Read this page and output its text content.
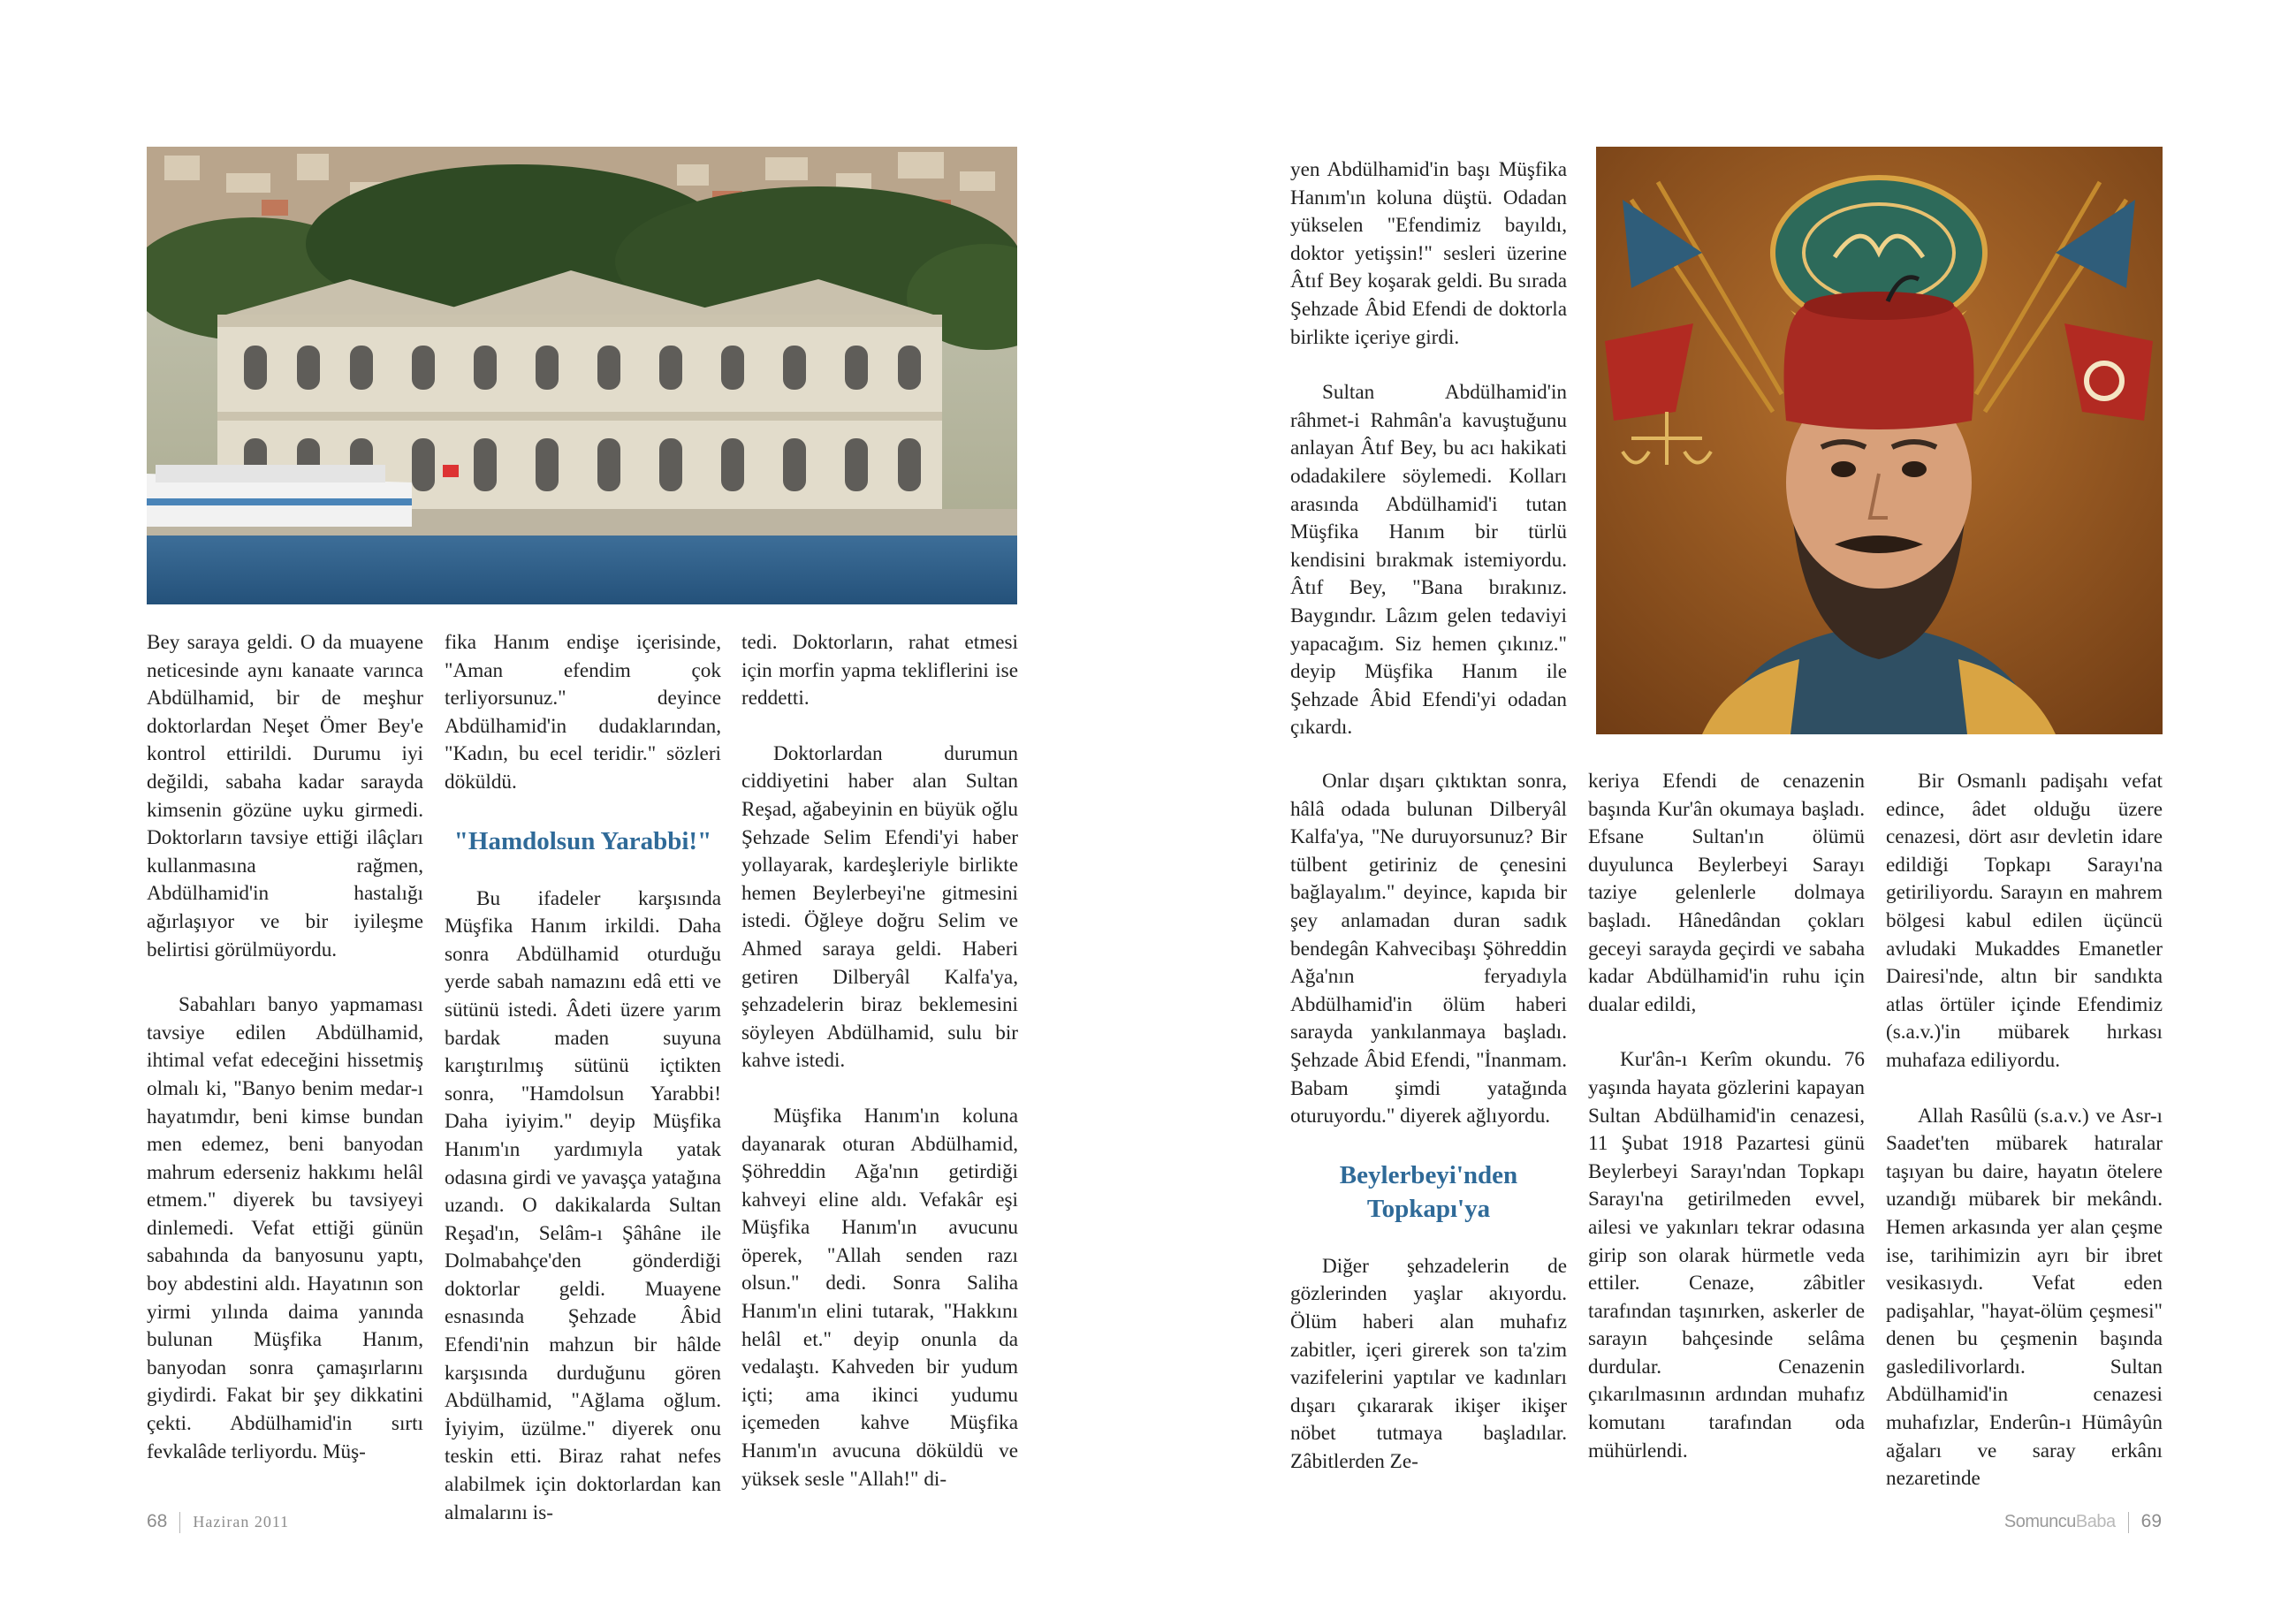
Bey saraya geldi. O da muayene neticesinde aynı kanaate varınca Abdülhamid, bir de meşhur doktorlardan Neşet Ömer Bey'e kontrol ettirildi. Durumu iyi değildi, sabaha kadar sarayda kimsenin gözüne uyku girmedi. Doktorların tavsiye ettiği ilâçları kullanmasına rağmen, Abdülhamid'in hastalığı ağırlaşıyor ve bir iyileşme belirtisi görülmüyordu.

Sabahları banyo yapmaması tavsiye edilen Abdülhamid, ihtimal vefat edeceğini hissetmiş olmalı ki, "Banyo benim medar-ı hayatımdır, beni kimse bundan men edemez, beni banyodan mahrum ederseniz hakkımı helâl etmem." diyerek bu tavsiyeyi dinlemedi. Vefat ettiği günün sabahında da banyosunu yaptı, boy abdestini aldı. Hayatının son yirmi yılında daima yanında bulunan Müşfika Hanım, banyodan sonra çamaşırlarını giydirdi. Fakat bir şey dikkatini çekti. Abdülhamid'in sırtı fevkalâde terliyordu. Müş-

fika Hanım endişe içerisinde, "Aman efendim çok terliyorsunuz." deyince Abdülhamid'in dudaklarından, "Kadın, bu ecel teridir." sözleri döküldü.

"Hamdolsun Yarabbi!"

Bu ifadeler karşısında Müşfika Hanım irkildi. Daha sonra Abdülhamid oturduğu yerde sabah namazını edâ etti ve sütünü istedi. Âdeti üzere yarım bardak maden suyuna karıştırılmış sütünü içtikten sonra, "Hamdolsun Yarabbi! Daha iyiyim." deyip Müşfika Hanım'ın yardımıyla yatak odasına girdi ve yavaşça yatağına uzandı. O dakikalarda Sultan Reşad'ın, Selâm-ı Şâhâne ile Dolmabahçe'den gönderdiği doktorlar geldi. Muayene esnasında Şehzade Âbid Efendi'nin mahzun bir hâlde karşısında durduğunu gören Abdülhamid, "Ağlama oğlum. İyiyim, üzülme." diyerek onu teskin etti. Biraz rahat nefes alabilmek için doktorlardan kan almalarını is-

tedi. Doktorların, rahat etmesi için morfin yapma tekliflerini ise reddetti.

Doktorlardan durumun ciddiyetini haber alan Sultan Reşad, ağabeyinin en büyük oğlu Şehzade Selim Efendi'yi haber yollayarak, kardeşleriyle birlikte hemen Beylerbeyi'ne gitmesini istedi. Öğleye doğru Selim ve Ahmed saraya geldi. Haberi getiren Dilberyâl Kalfa'ya, şehzadelerin biraz beklemesini söyleyen Abdülhamid, sulu bir kahve istedi.

Müşfika Hanım'ın koluna dayanarak oturan Abdülhamid, Şöhreddin Ağa'nın getirdiği kahveyi eline aldı. Vefakâr eşi Müşfika Hanım'ın avucunu öperek, "Allah senden razı olsun." dedi. Sonra Saliha Hanım'ın elini tutarak, "Hakkını helâl et." deyip onunla da vedalaştı. Kahveden bir yudum içti; ama ikinci yudumu içemeden kahve Müşfika Hanım'ın avucuna döküldü ve yüksek sesle "Allah!" di-

68 Haziran 2011

yen Abdülhamid'in başı Müşfika Hanım'ın koluna düştü. Odadan yükselen "Efendimiz bayıldı, doktor yetişsin!" sesleri üzerine Âtıf Bey koşarak geldi. Bu sırada Şehzade Âbid Efendi de doktorla birlikte içeriye girdi.

Sultan Abdülhamid'in râhmet-i Rahmân'a kavuştuğunu anlayan Âtıf Bey, bu acı hakikati odadakilere söylemedi. Kolları arasında Abdülhamid'i tutan Müşfika Hanım bir türlü kendisini bırakmak istemiyordu. Âtıf Bey, "Bana bırakınız. Baygındır. Lâzım gelen tedaviyi yapacağım. Siz hemen çıkınız." deyip Müşfika Hanım ile Şehzade Âbid Efendi'yi odadan çıkardı.

Onlar dışarı çıktıktan sonra, hâlâ odada bulunan Dilberyâl Kalfa'ya, "Ne duruyorsunuz? Bir tülbent getiriniz de çenesini bağlayalım." deyince, kapıda bir şey anlamadan duran sadık bendegân Kahvecibaşı Şöhreddin Ağa'nın feryadıyla Abdülhamid'in ölüm haberi sarayda yankılanmaya başladı. Şehzade Âbid Efendi, "İnanmam. Babam şimdi yatağında oturuyordu." diyerek ağlıyordu.

Beylerbeyi'nden Topkapı'ya

Diğer şehzadelerin de gözlerinden yaşlar akıyordu. Ölüm haberi alan muhafız zabitler, içeri girerek son ta'zim vazifelerini yaptılar ve kadınları dışarı çıkararak ikişer ikişer nöbet tutmaya başladılar. Zâbitlerden Ze-

keriya Efendi de cenazenin başında Kur'ân okumaya başladı. Efsane Sultan'ın ölümü duyulunca Beylerbeyi Sarayı taziye gelenlerle dolmaya başladı. Hânedândan çokları geceyi sarayda geçirdi ve sabaha kadar Abdülhamid'in ruhu için dualar edildi,

Kur'ân-ı Kerîm okundu. 76 yaşında hayata gözlerini kapayan Sultan Abdülhamid'in cenazesi, 11 Şubat 1918 Pazartesi günü Beylerbeyi Sarayı'ndan Topkapı Sarayı'na getirilmeden evvel, ailesi ve yakınları tekrar odasına girip son olarak hürmetle veda ettiler. Cenaze, zâbitler tarafından taşınırken, askerler de sarayın bahçesinde selâma durdular. Cenazenin çıkarılmasının ardından muhafız komutanı tarafından oda mühürlendi.

Bir Osmanlı padişahı vefat edince, âdet olduğu üzere cenazesi, dört asır devletin idare edildiği Topkapı Sarayı'na getiriliyordu. Sarayın en mahrem bölgesi kabul edilen üçüncü avludaki Mukaddes Emanetler Dairesi'nde, altın bir sandıkta atlas örtüler içinde Efendimiz (s.a.v.)'in mübarek hırkası muhafaza ediliyordu.

Allah Rasûlü (s.a.v.) ve Asr-ı Saadet'ten mübarek hatıralar taşıyan bu daire, hayatın ötelere uzandığı mübarek bir mekândı. Hemen arkasında yer alan çeşme ise, tarihimizin ayrı bir ibret vesikasıydı. Vefat eden padişahlar, "hayat-ölüm çeşmesi" denen bu çeşmenin başında gasledilivorlardı. Sultan Abdülhamid'in cenazesi muhafızlar, Enderûn-ı Hümâyûn ağaları ve saray erkânı nezaretinde

SomuncuBaba 69
